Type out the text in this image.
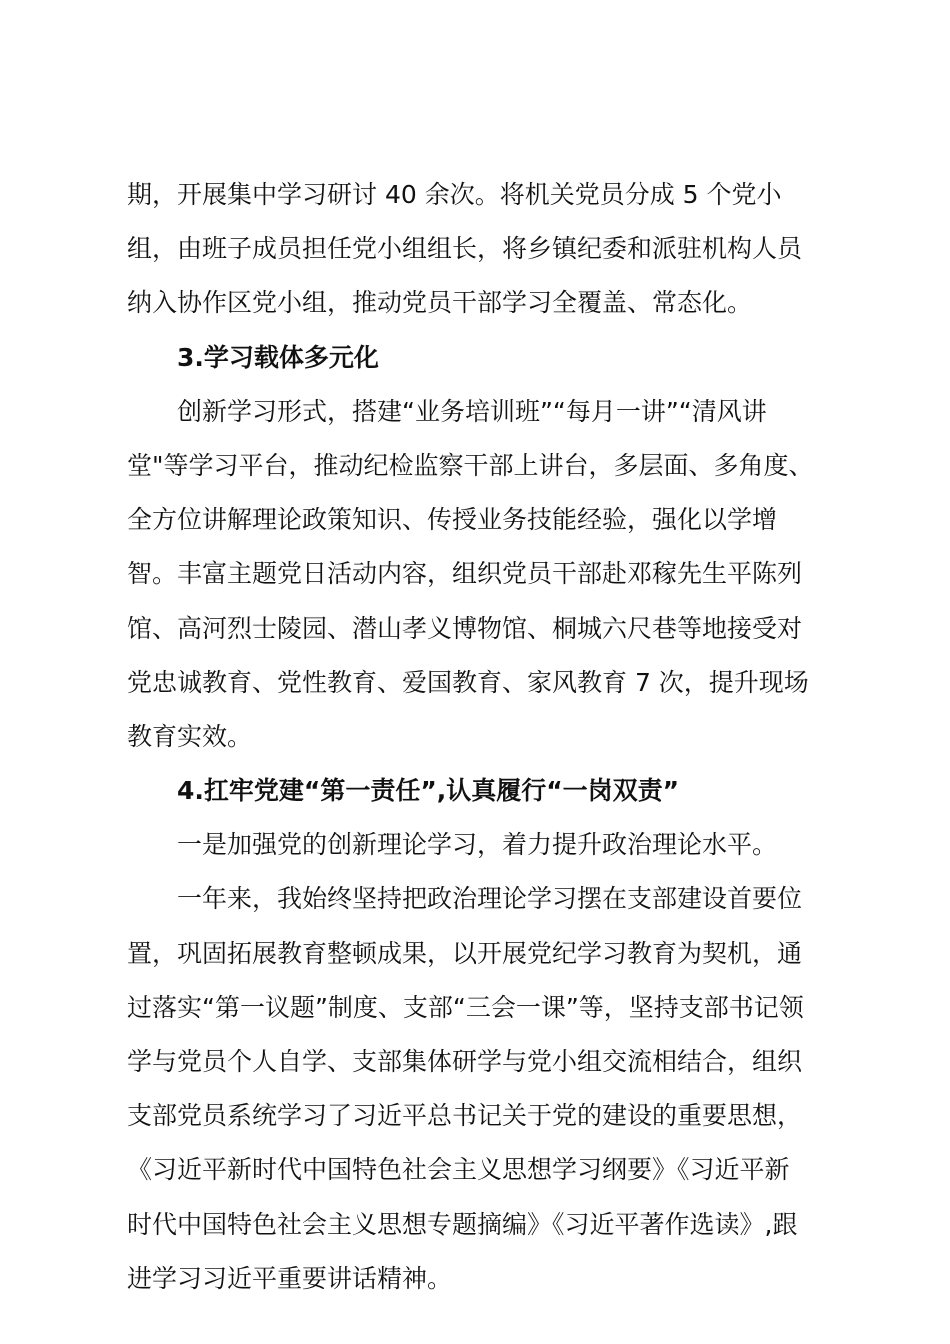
期，开展集中学习研讨 40 余次。将机关党员分成 5 个党小
组，由班子成员担任党小组组长，将乡镇纪委和派驻机构人员
纳入协作区党小组，推动党员干部学习全覆盖、常态化。
3.学习载体多元化
创新学习形式，搭建“业务培训班”“每月一讲”“清风讲
堂"等学习平台，推动纪检监察干部上讲台，多层面、多角度、
全方位讲解理论政策知识、传授业务技能经验，强化以学增
智。丰富主题党日活动内容，组织党员干部赴邓稼先生平陈列
馆、高河烈士陵园、潜山孝义博物馆、桐城六尺巷等地接受对
党忠诚教育、党性教育、爱国教育、家风教育 7 次，提升现场
教育实效。
4.扛牢党建“第一责任”,认真履行“一岗双责”
一是加强党的创新理论学习，着力提升政治理论水平。
一年来，我始终坚持把政治理论学习摆在支部建设首要位
置，巩固拓展教育整顿成果，以开展党纪学习教育为契机，通
过落实“第一议题”制度、支部“三会一课”等，坚持支部书记领
学与党员个人自学、支部集体研学与党小组交流相结合，组织
支部党员系统学习了习近平总书记关于党的建设的重要思想，
《习近平新时代中国特色社会主义思想学习纲要》《习近平新
时代中国特色社会主义思想专题摘编》《习近平著作选读》,跟
进学习习近平重要讲话精神。
